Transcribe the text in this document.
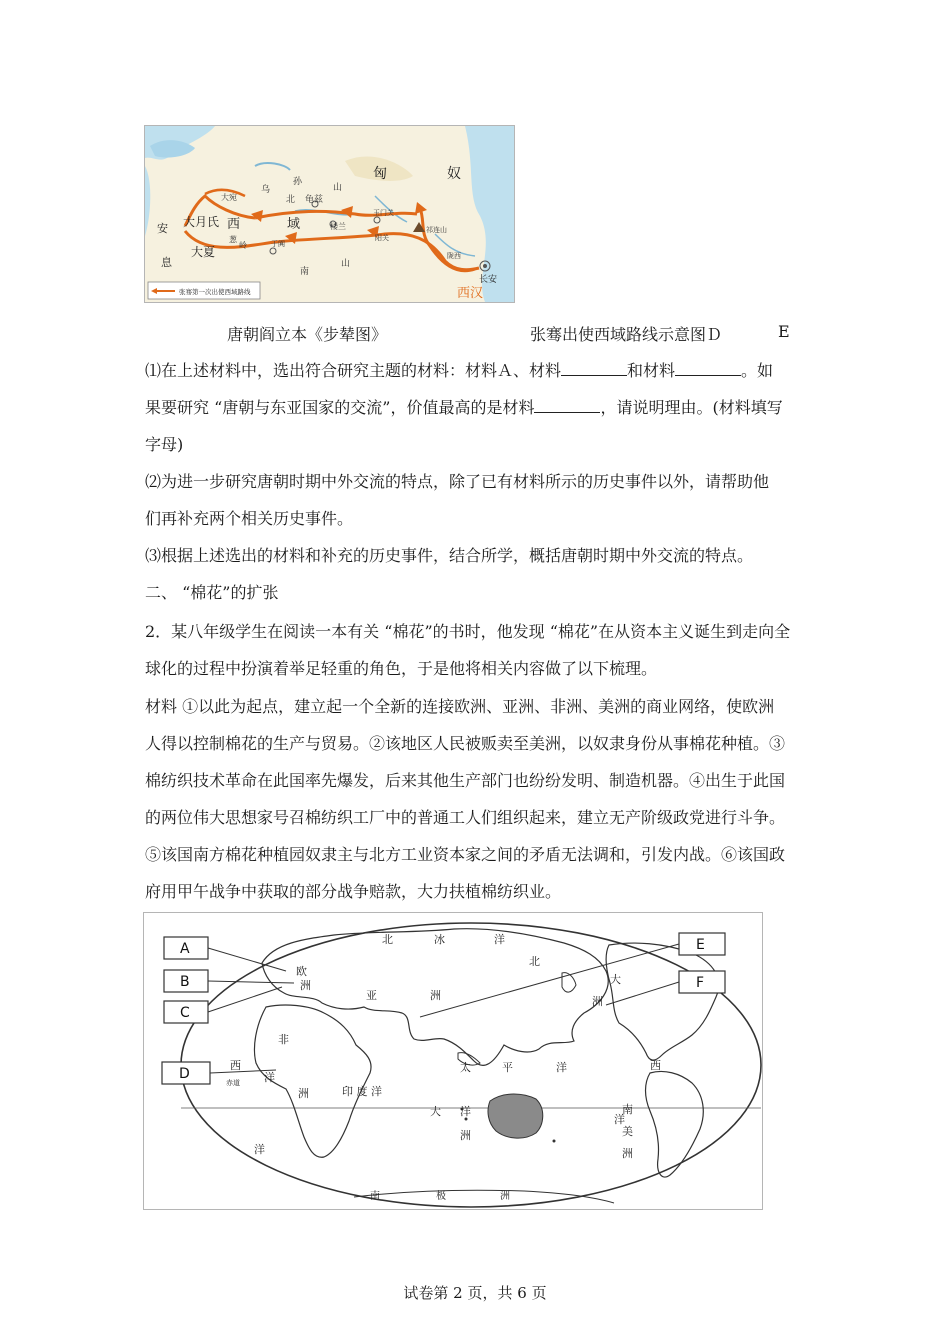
匈	奴
乌
孙
山
北 龟 兹
大宛
大月氏 西	域
安
息
大夏
葱
岭	于阗
玉门关
阳关
楼兰	祁连山
陇西
长安
西汉
南
山
张骞第一次出使西域路线
唐朝阎立本《步辇图》	张骞出使西域路线示意图Ｄ	E
⑴在上述材料中，选出符合研究主题的材料：材料Ａ、材料	和材料	。如
果要研究 “唐朝与东亚国家的交流”，价值最高的是材料	，请说明理由。(材料填写
字母)
⑵为进一步研究唐朝时期中外交流的特点，除了已有材料所示的历史事件以外，请帮助他
们再补充两个相关历史事件。
⑶根据上述选出的材料和补充的历史事件，结合所学，概括唐朝时期中外交流的特点。
二、 “棉花”的扩张
2．某八年级学生在阅读一本有关 “棉花”的书时，他发现 “棉花”在从资本主义诞生到走向全
球化的过程中扮演着举足轻重的角色，于是他将相关内容做了以下梳理。
材料 ①以此为起点，建立起一个全新的连接欧洲、亚洲、非洲、美洲的商业网络，使欧洲
人得以控制棉花的生产与贸易。②该地区人民被贩卖至美洲，以奴隶身份从事棉花种植。③
棉纺织技术革命在此国率先爆发，后来其他生产部门也纷纷发明、制造机器。④出生于此国
的两位伟大思想家号召棉纺织工厂中的普通工人们组织起来，建立无产阶级政党进行斗争。
⑤该国南方棉花种植园奴隶主与北方工业资本家之间的矛盾无法调和，引发内战。⑥该国政
府用甲午战争中获取的部分战争赔款，大力扶植棉纺织业。
A
B
C
D
E
F
北	冰	洋
欧
洲
亚	洲
非
洲
西	西
太	平	洋
印 度 洋
大 洋
洲
北
大
洲
南
美
洲
洋
洋
洋
南	极	洲
赤道
试卷第 2 页，共 6 页
